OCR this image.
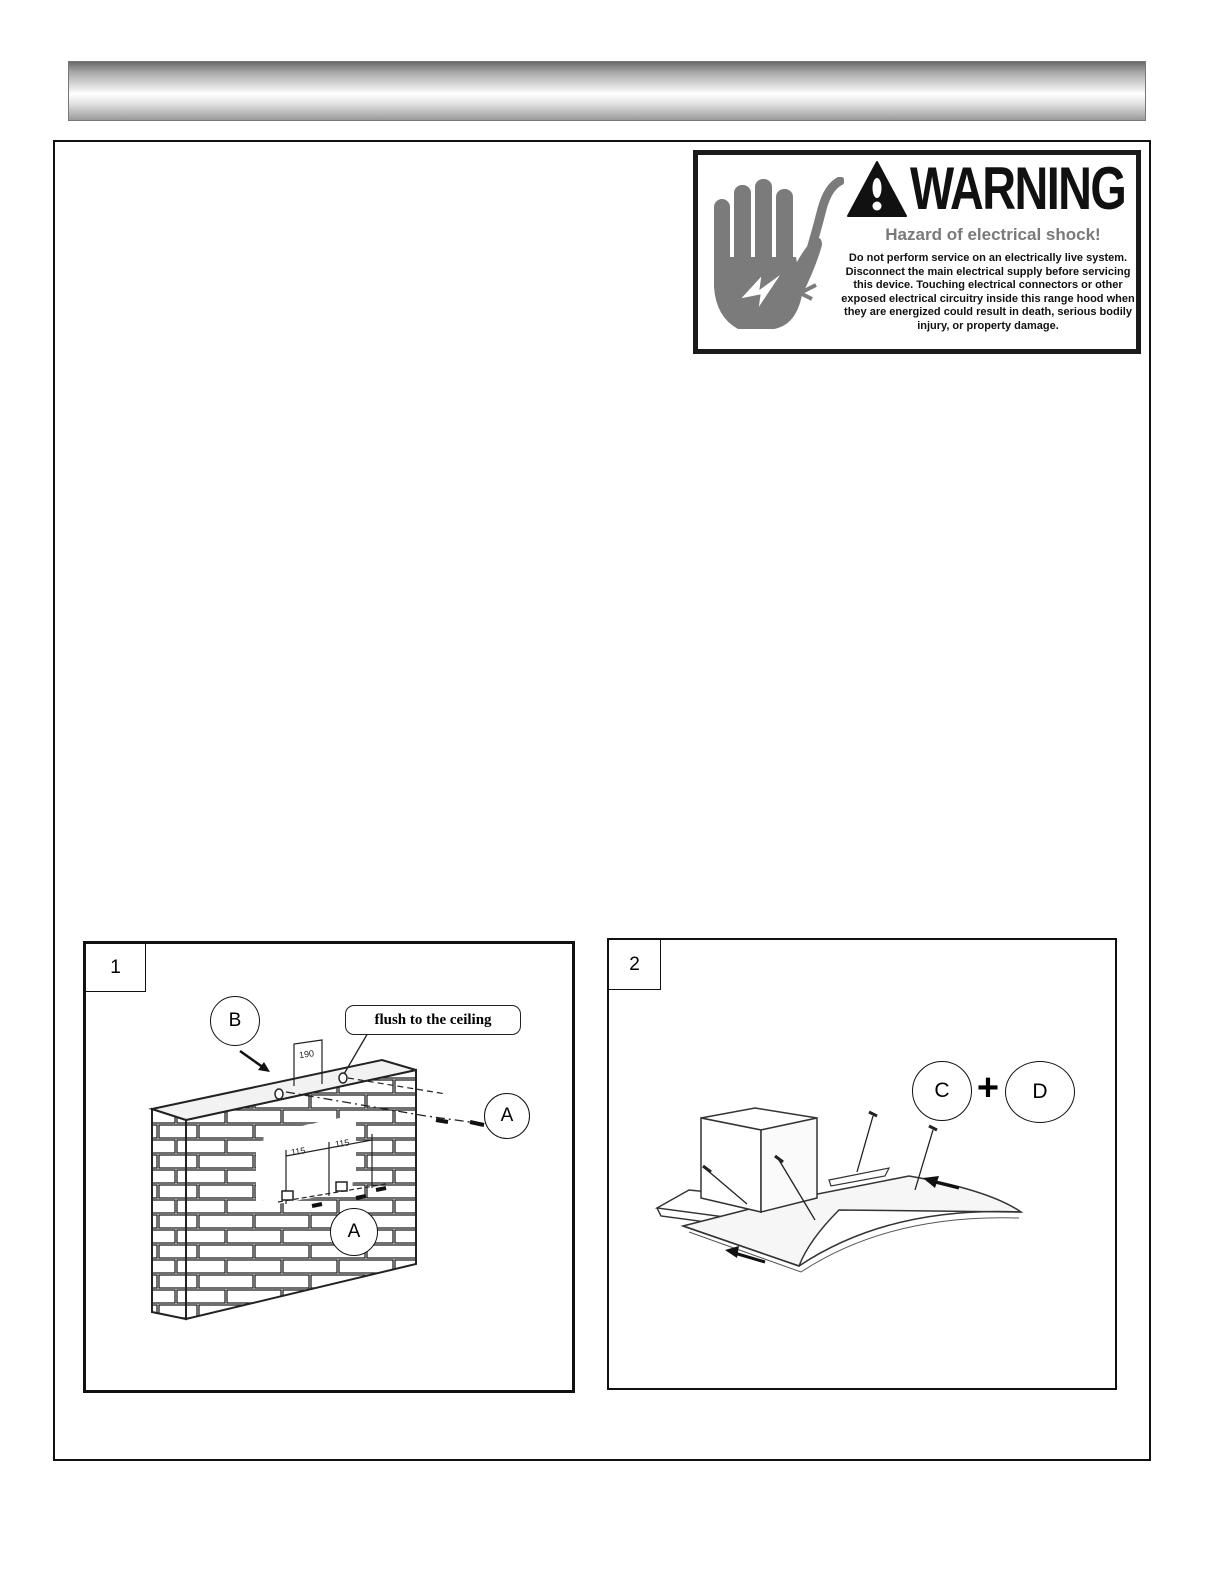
WARNING
Hazard of electrical shock!
Do not perform service on an electrically live system. Disconnect the main electrical supply before servicing this device. Touching electrical connectors or other exposed electrical circuitry inside this range hood when they are energized could result in death, serious bodily injury, or property damage.
1
190
115
115
flush to the ceiling
B
A
A
2
C +	D
